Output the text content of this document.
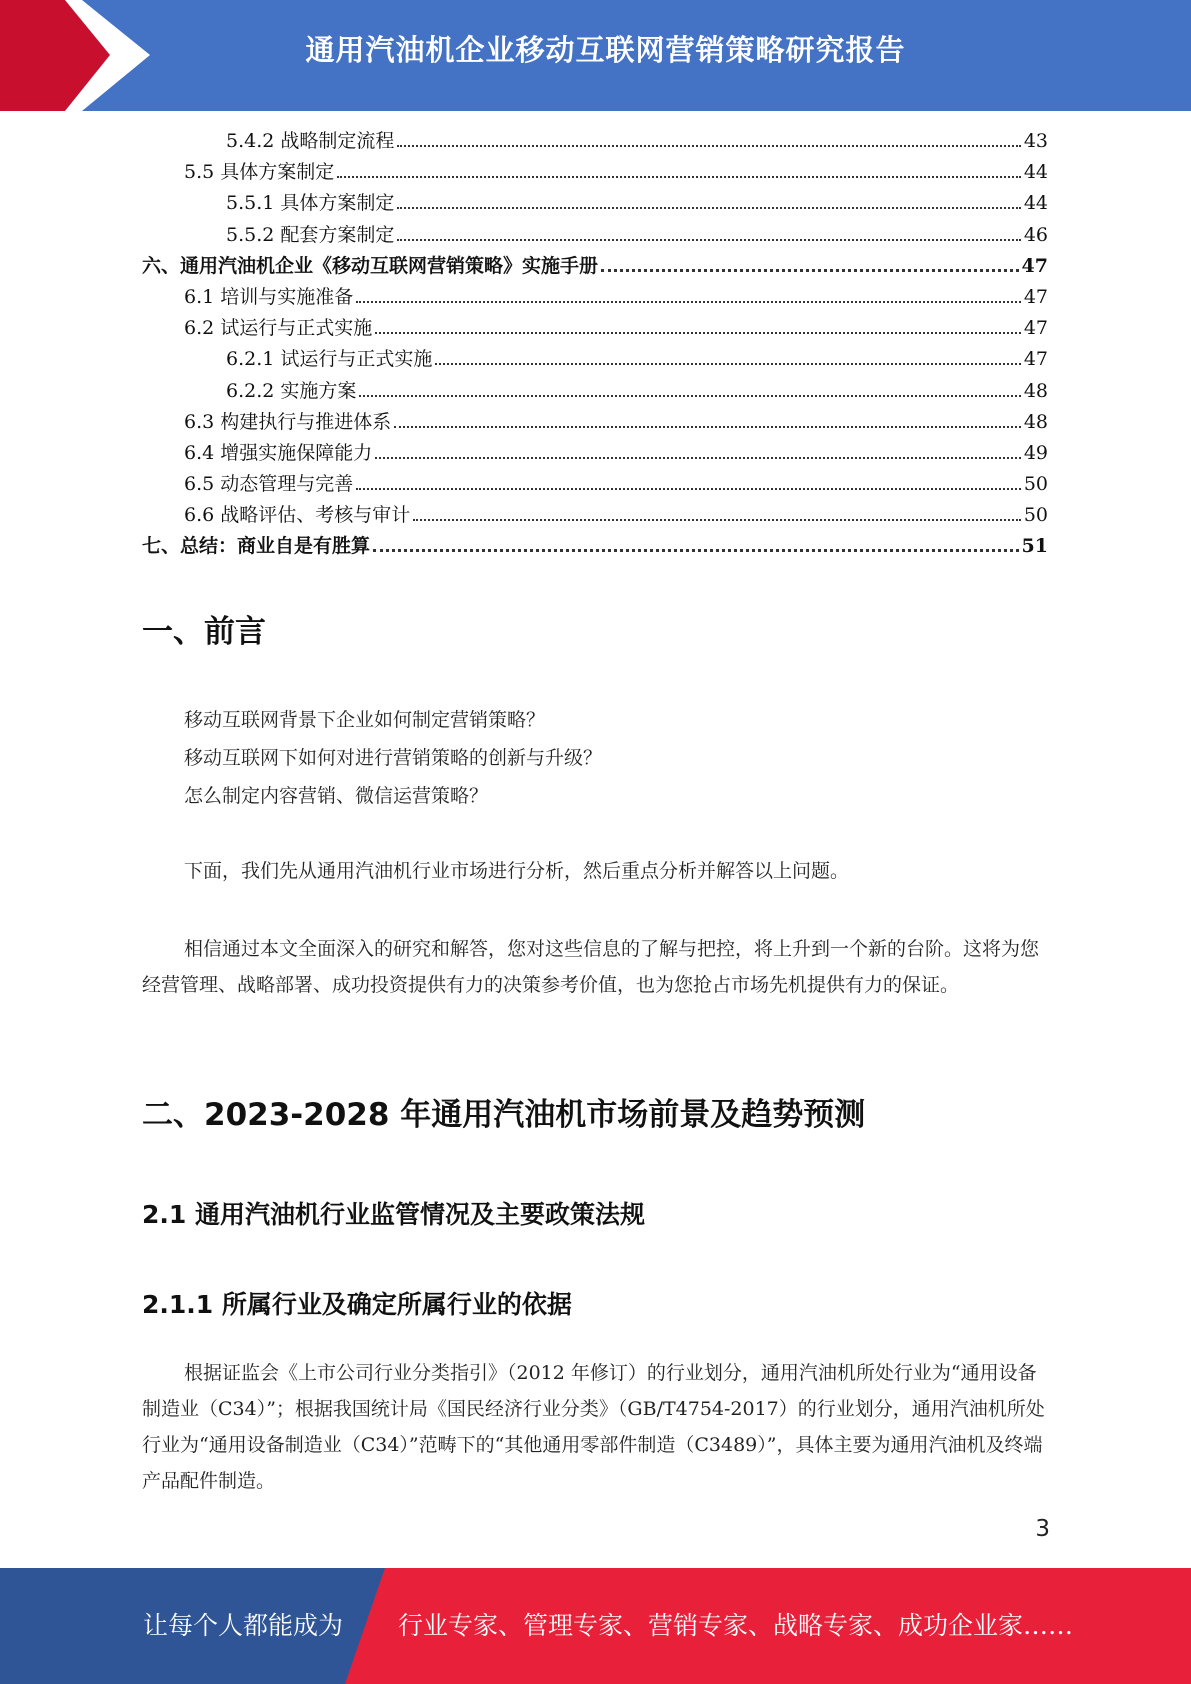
通用汽油机企业移动互联网营销策略研究报告
5.4.2 战略制定流程	43
5.5 具体方案制定	44
5.5.1 具体方案制定	44
5.5.2 配套方案制定	46
六、通用汽油机企业《移动互联网营销策略》实施手册	47
6.1 培训与实施准备	47
6.2 试运行与正式实施	47
6.2.1 试运行与正式实施	47
6.2.2 实施方案	48
6.3 构建执行与推进体系	48
6.4 增强实施保障能力	49
6.5 动态管理与完善	50
6.6 战略评估、考核与审计	50
七、总结：商业自是有胜算	51
一、前言
移动互联网背景下企业如何制定营销策略？
移动互联网下如何对进行营销策略的创新与升级？
怎么制定内容营销、微信运营策略？

下面，我们先从通用汽油机行业市场进行分析，然后重点分析并解答以上问题。

相信通过本文全面深入的研究和解答，您对这些信息的了解与把控，将上升到一个新的台阶。这将为您经营管理、战略部署、成功投资提供有力的决策参考价值，也为您抢占市场先机提供有力的保证。

二、2023-2028 年通用汽油机市场前景及趋势预测
2.1 通用汽油机行业监管情况及主要政策法规
2.1.1 所属行业及确定所属行业的依据

根据证监会《上市公司行业分类指引》（2012 年修订）的行业划分，通用汽油机所处行业为“通用设备制造业（C34）”；根据我国统计局《国民经济行业分类》（GB/T4754-2017）的行业划分，通用汽油机所处行业为“通用设备制造业（C34）”范畴下的“其他通用零部件制造（C3489）”，具体主要为通用汽油机及终端产品配件制造。

3
让每个人都能成为 行业专家、管理专家、营销专家、战略专家、成功企业家……
